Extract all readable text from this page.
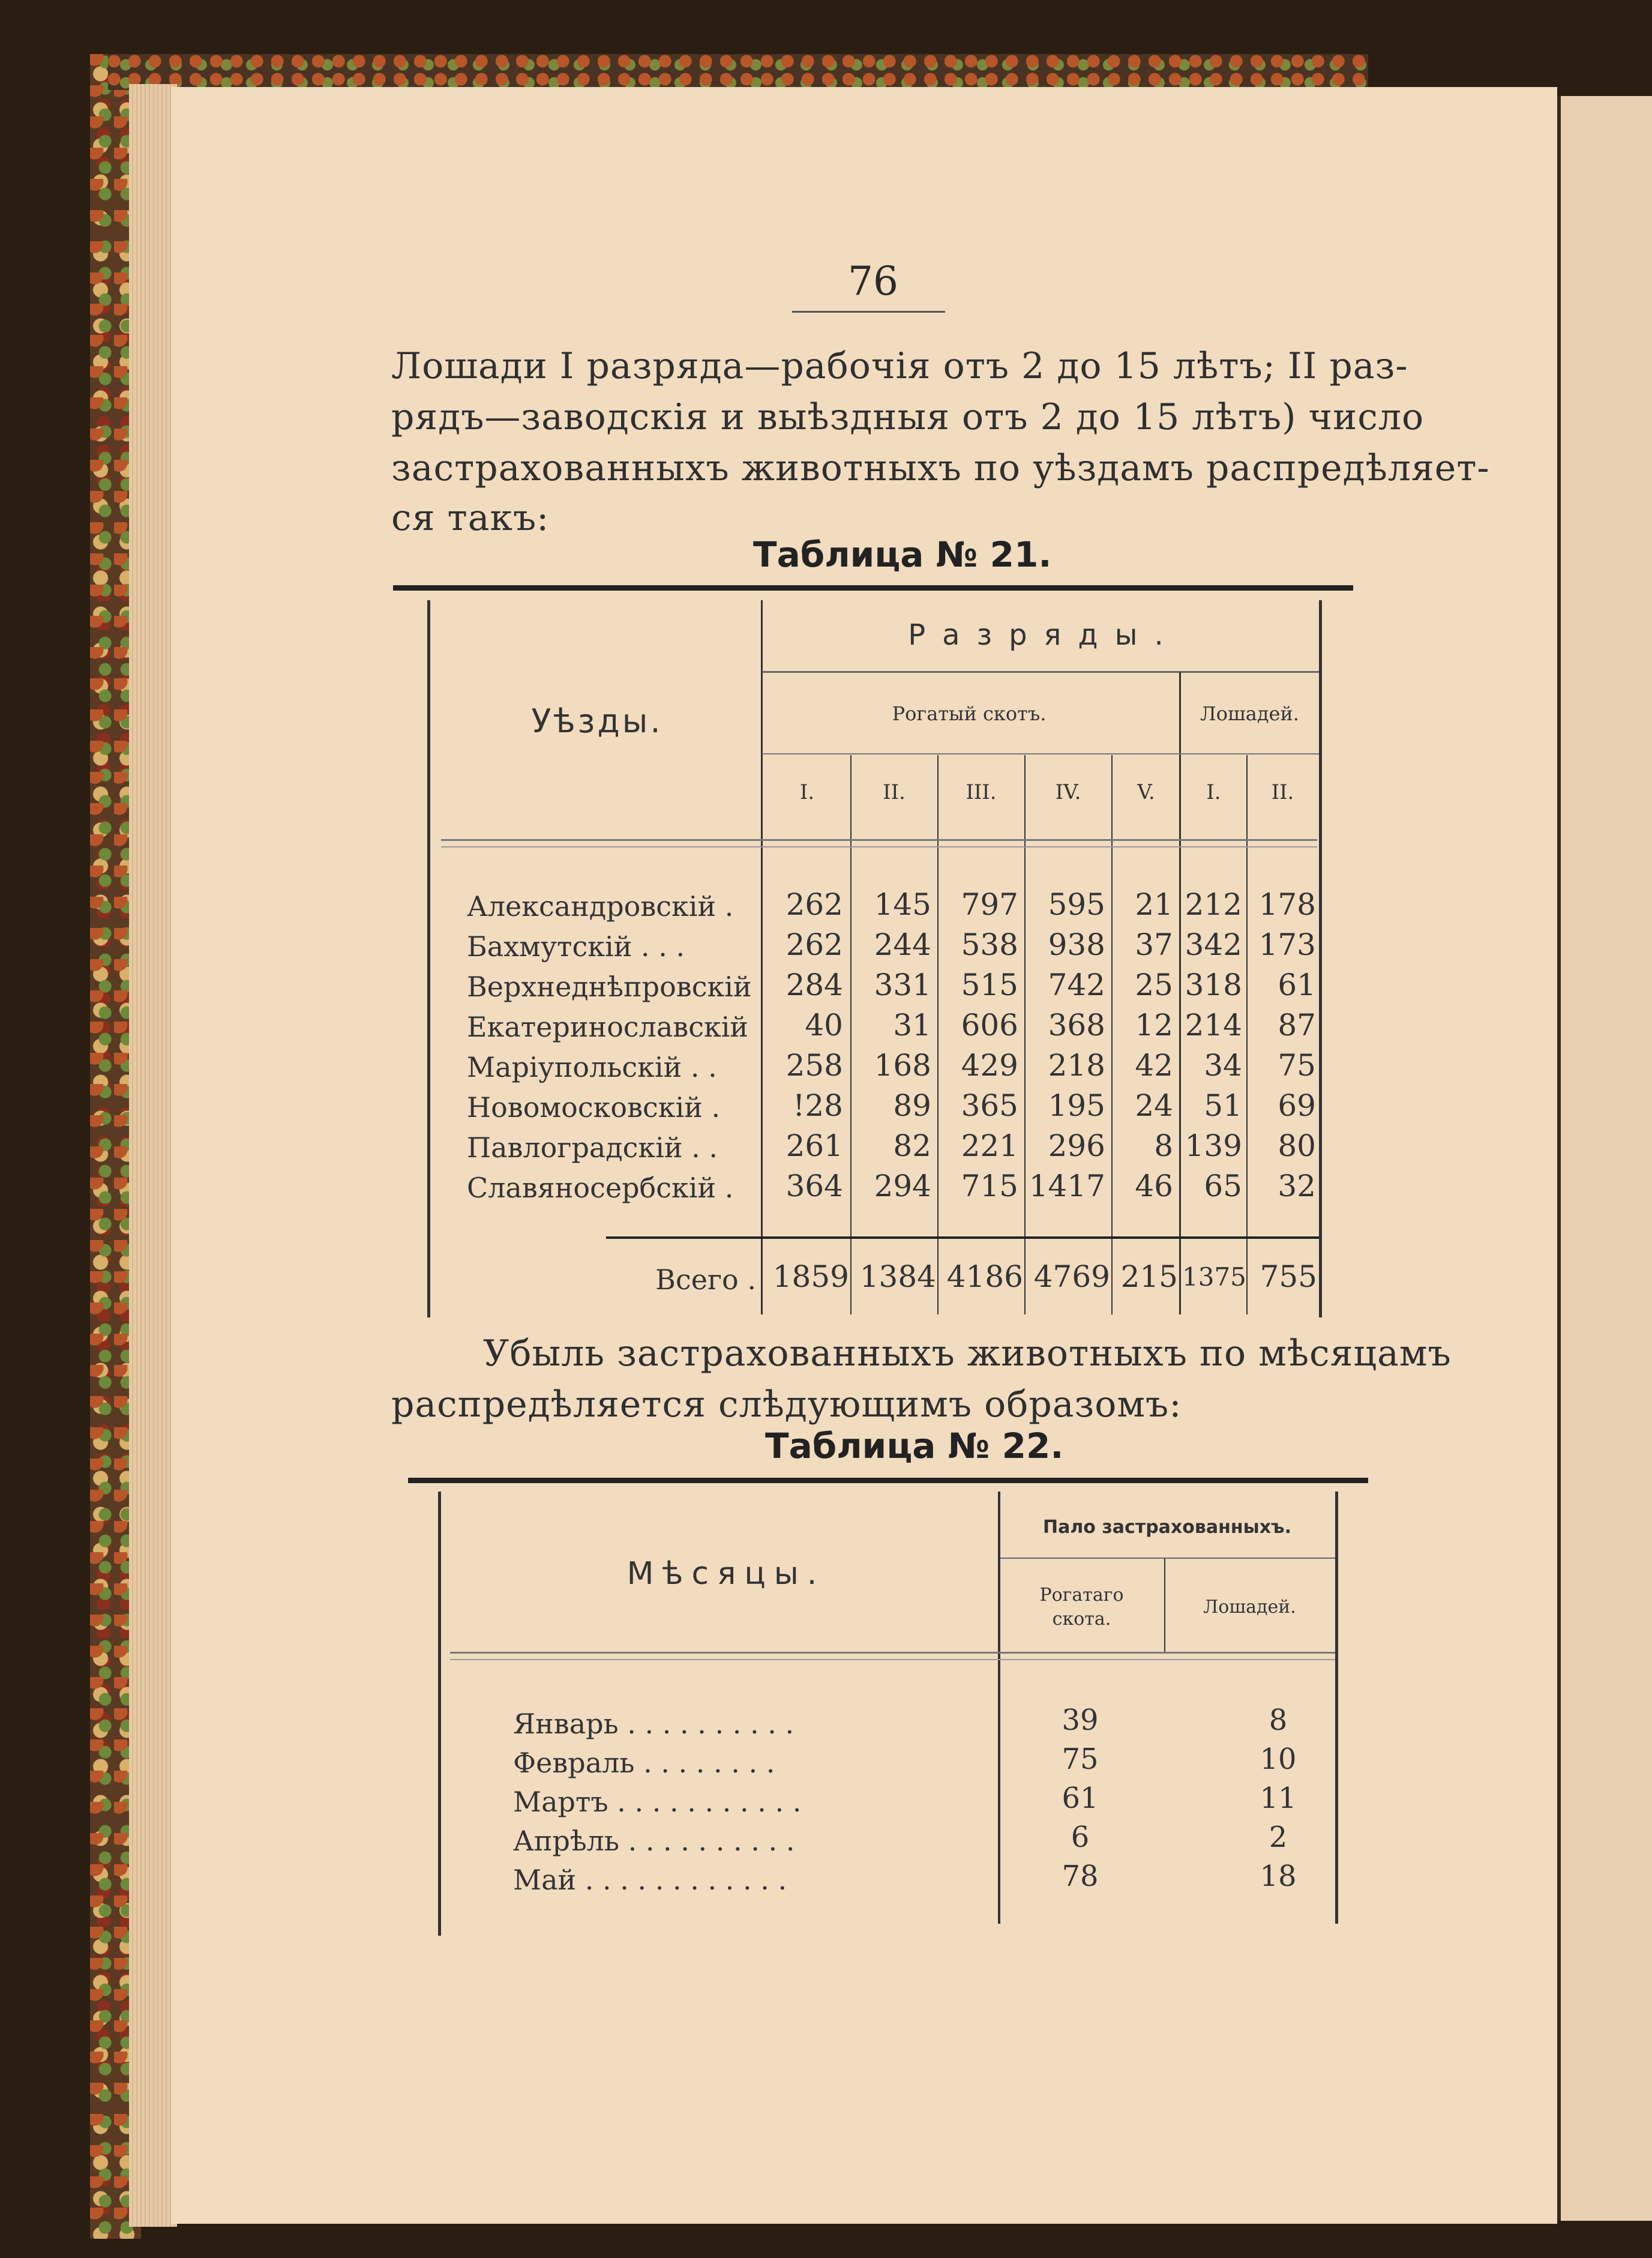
76
Лошади I разряда—рабочія отъ 2 до 15 лѣтъ; II раз-
рядъ—заводскія и выѣздныя отъ 2 до 15 лѣтъ) число
застрахованныхъ животныхъ по уѣздамъ распредѣляет-
ся такъ:
Таблица № 21.
Уѣзды.
Разряды.
Рогатый скотъ.	Лошадей.
I.	II.	III.	IV.	V.	I.	II.
Александровскій .	262	145 797 595 21 212 178
Бахмутскій . . .	262	244 538 938 37 342 173
Верхнеднѣпровскій	284	331 515 742 25 318	61
Екатеринославскій	40	31 606 368 12 214	87
Маріупольскій . .	258	168 429 218 42	34	75
Новомосковскій .	!28	89 365 195 24	51	69
Павлоградскій . .	261	82 221 296	8 139	80
Славяносербскій .	364	294 715 1417 46	65	32
Всего . 1859 1384 4186 4769 215 1375 755
Убыль застрахованныхъ животныхъ по мѣсяцамъ
распредѣляется слѣдующимъ образомъ:
Таблица № 22.
Мѣсяцы.
Пало застрахованныхъ.
Рогатаго
скота.
Лошадей.
Январь . . . . . . . . . .	39	8
Февраль . . . . . . . .	75	10
Мартъ . . . . . . . . . . .	61	11
Апрѣль . . . . . . . . . .	6	2
Май . . . . . . . . . . . .	78	18
